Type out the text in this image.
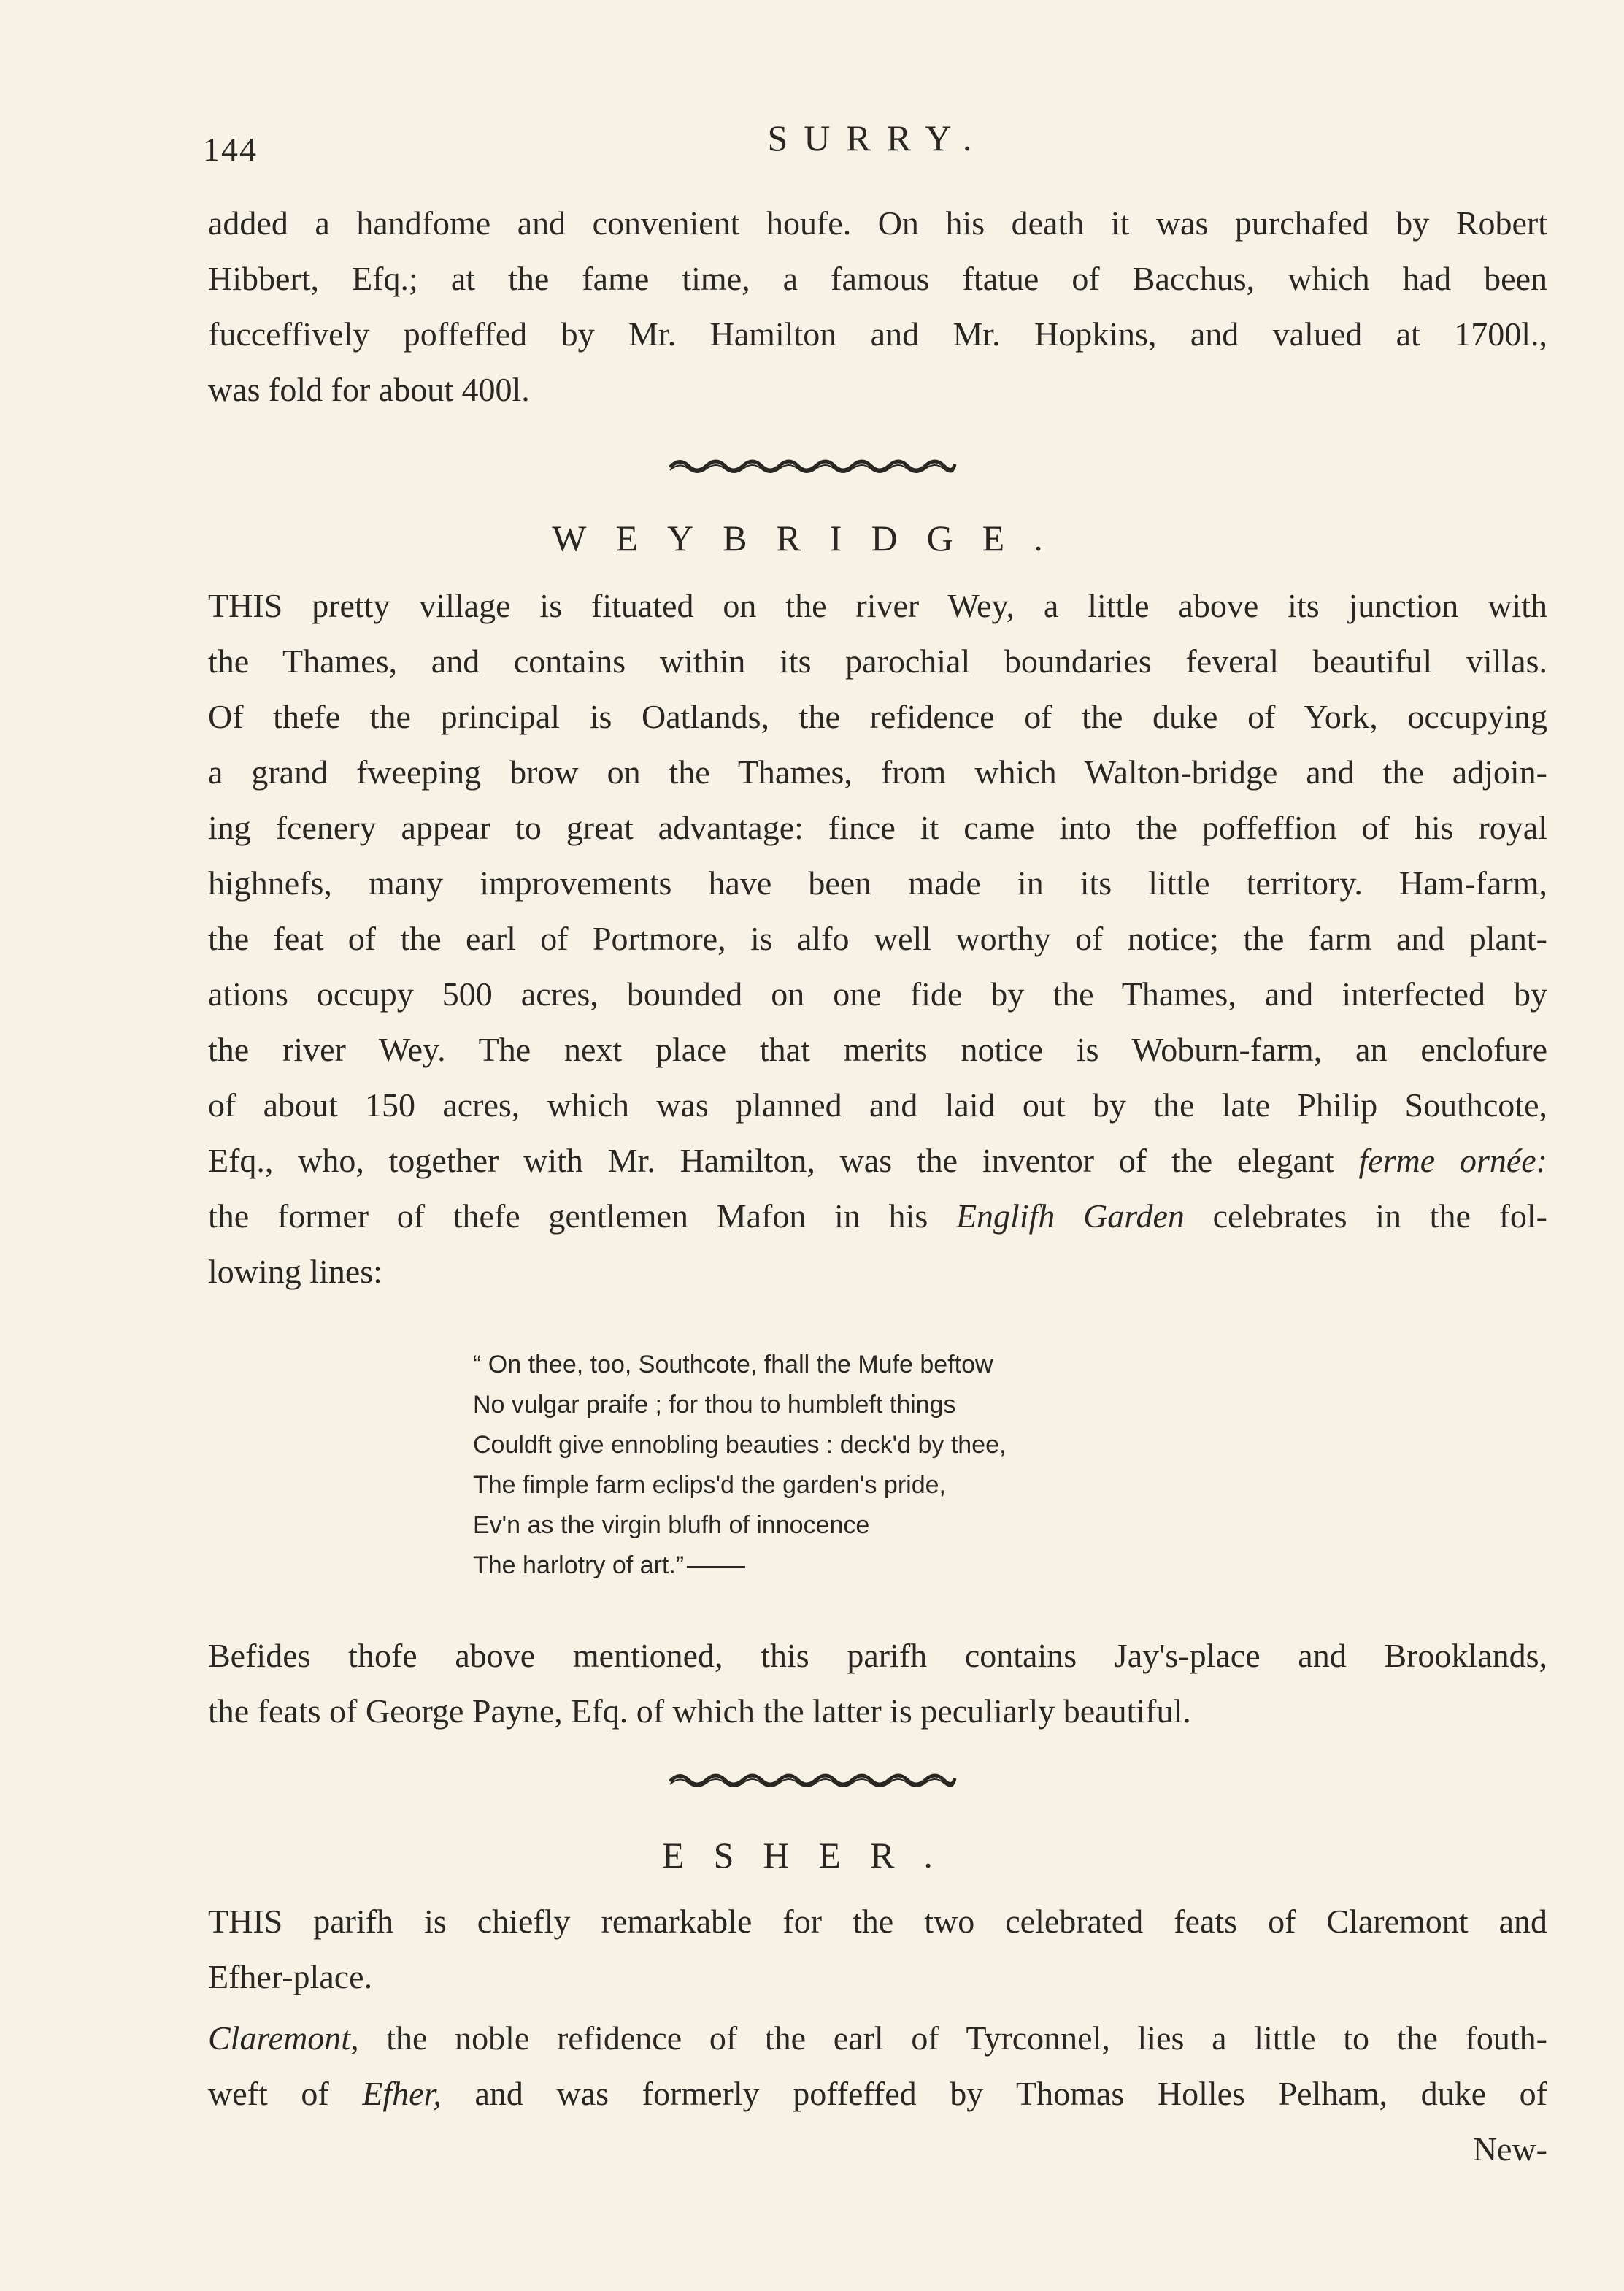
144	SURRY.
added a handfome and convenient houfe. On his death it was purchafed by Robert
Hibbert, Efq.; at the fame time, a famous ftatue of Bacchus, which had been
fucceffively poffeffed by Mr. Hamilton and Mr. Hopkins, and valued at 1700l.,
was fold for about 400l.
WEYBRIDGE.
THIS pretty village is fituated on the river Wey, a little above its junction with
the Thames, and contains within its parochial boundaries feveral beautiful villas.
Of thefe the principal is Oatlands, the refidence of the duke of York, occupying
a grand fweeping brow on the Thames, from which Walton-bridge and the adjoin-
ing fcenery appear to great advantage: fince it came into the poffeffion of his royal
highnefs, many improvements have been made in its little territory. Ham-farm,
the feat of the earl of Portmore, is alfo well worthy of notice; the farm and plant-
ations occupy 500 acres, bounded on one fide by the Thames, and interfected by
the river Wey. The next place that merits notice is Woburn-farm, an enclofure
of about 150 acres, which was planned and laid out by the late Philip Southcote,
Efq., who, together with Mr. Hamilton, was the inventor of the elegant ferme ornée:
the former of thefe gentlemen Mafon in his Englifh Garden celebrates in the fol-
lowing lines:
“ On thee, too, Southcote, fhall the Mufe beftow
No vulgar praife ; for thou to humbleft things
Couldft give ennobling beauties : deck'd by thee,
The fimple farm eclips'd the garden's pride,
Ev'n as the virgin blufh of innocence
The harlotry of art.”
Befides thofe above mentioned, this parifh contains Jay's-place and Brooklands,
the feats of George Payne, Efq. of which the latter is peculiarly beautiful.
ESHER.
THIS parifh is chiefly remarkable for the two celebrated feats of Claremont and
Efher-place.
Claremont, the noble refidence of the earl of Tyrconnel, lies a little to the fouth-
weft of Efher, and was formerly poffeffed by Thomas Holles Pelham, duke of
New-
